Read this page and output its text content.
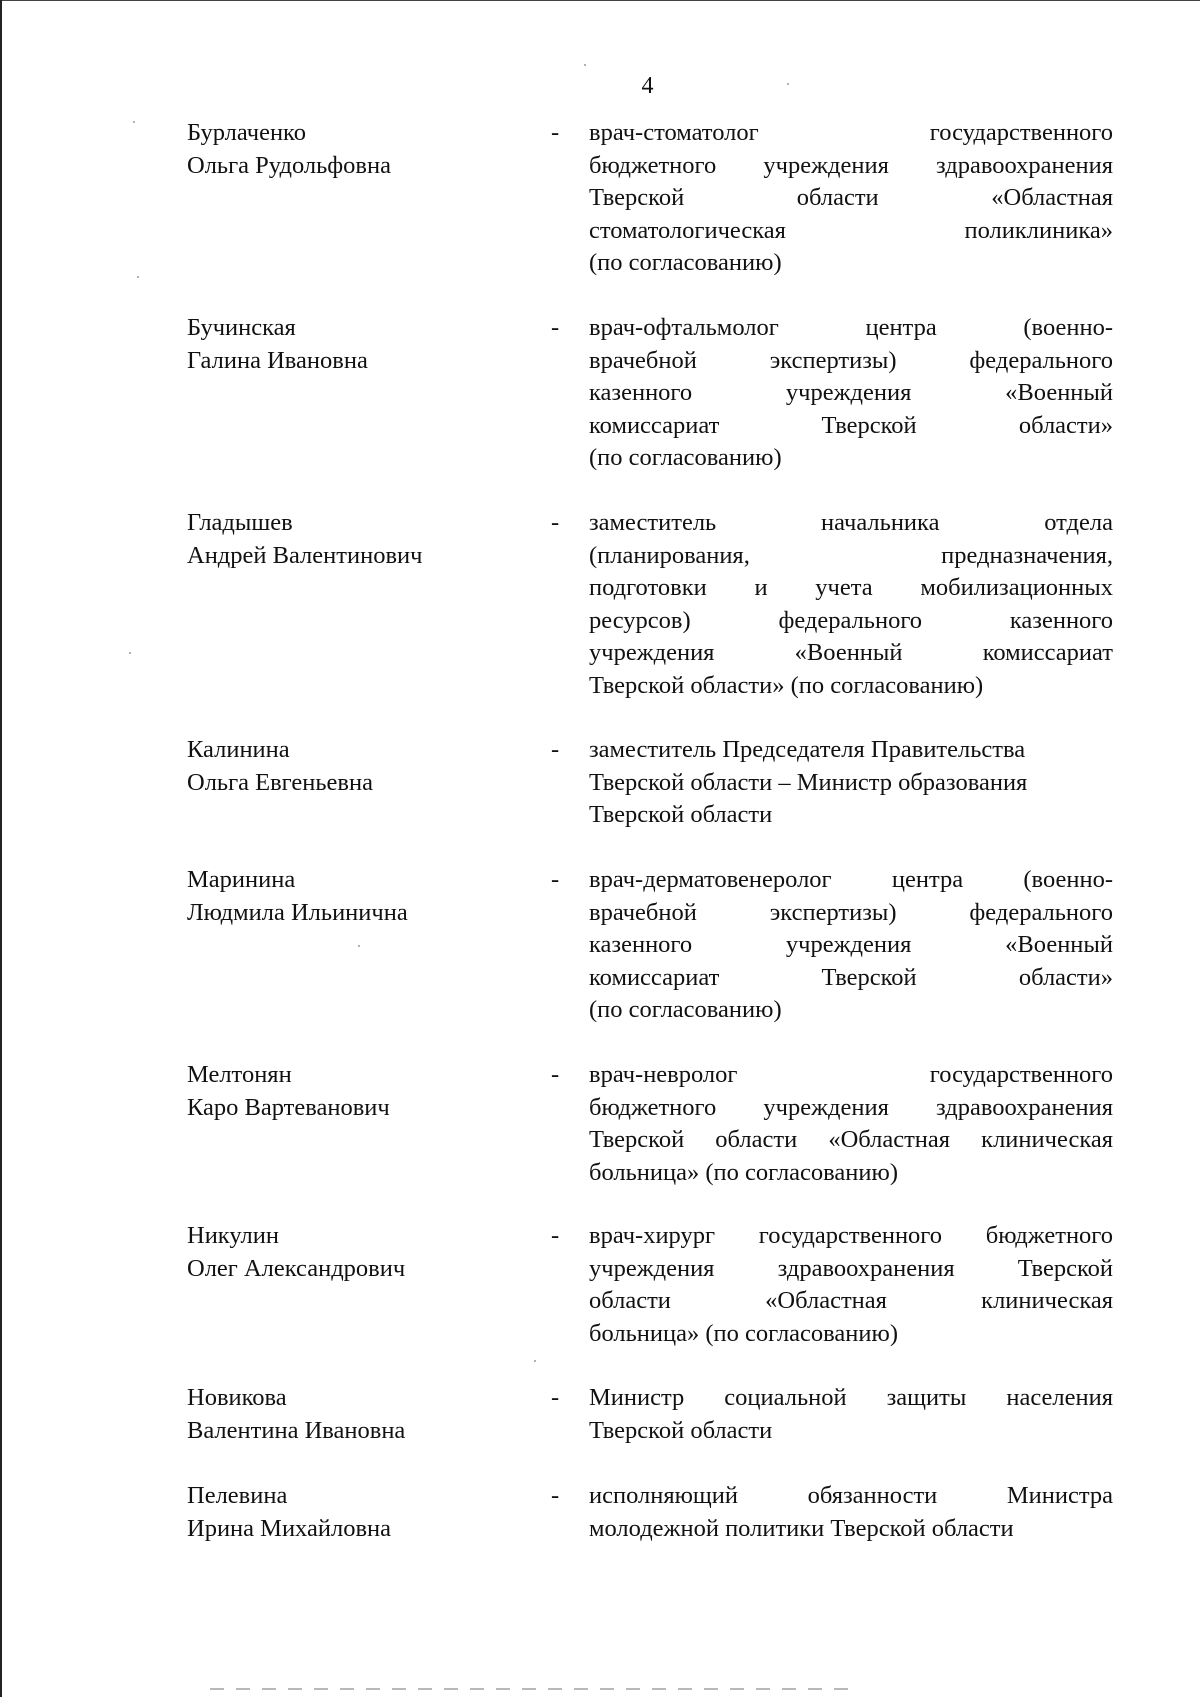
4
Бурлаченко
Ольга Рудольфовна
- врач-стоматолог государственного
бюджетного учреждения здравоохранения
Тверской области «Областная
стоматологическая поликлиника»
(по согласованию)
Бучинская
Галина Ивановна
- врач-офтальмолог центра (военно-
врачебной экспертизы) федерального
казенного учреждения «Военный
комиссариат Тверской области»
(по согласованию)
Гладышев
Андрей Валентинович
- заместитель начальника отдела
(планирования, предназначения,
подготовки и учета мобилизационных
ресурсов) федерального казенного
учреждения «Военный комиссариат
Тверской области» (по согласованию)
Калинина
Ольга Евгеньевна
- заместитель Председателя Правительства
Тверской области – Министр образования
Тверской области
Маринина
Людмила Ильинична
- врач-дерматовенеролог центра (военно-
врачебной экспертизы) федерального
казенного учреждения «Военный
комиссариат Тверской области»
(по согласованию)
Мелтонян
Каро Вартеванович
- врач-невролог государственного
бюджетного учреждения здравоохранения
Тверской области «Областная клиническая
больница» (по согласованию)
Никулин
Олег Александрович
- врач-хирург государственного бюджетного
учреждения здравоохранения Тверской
области «Областная клиническая
больница» (по согласованию)
Новикова
Валентина Ивановна
- Министр социальной защиты населения
Тверской области
Пелевина
Ирина Михайловна
- исполняющий обязанности Министра
молодежной политики Тверской области
